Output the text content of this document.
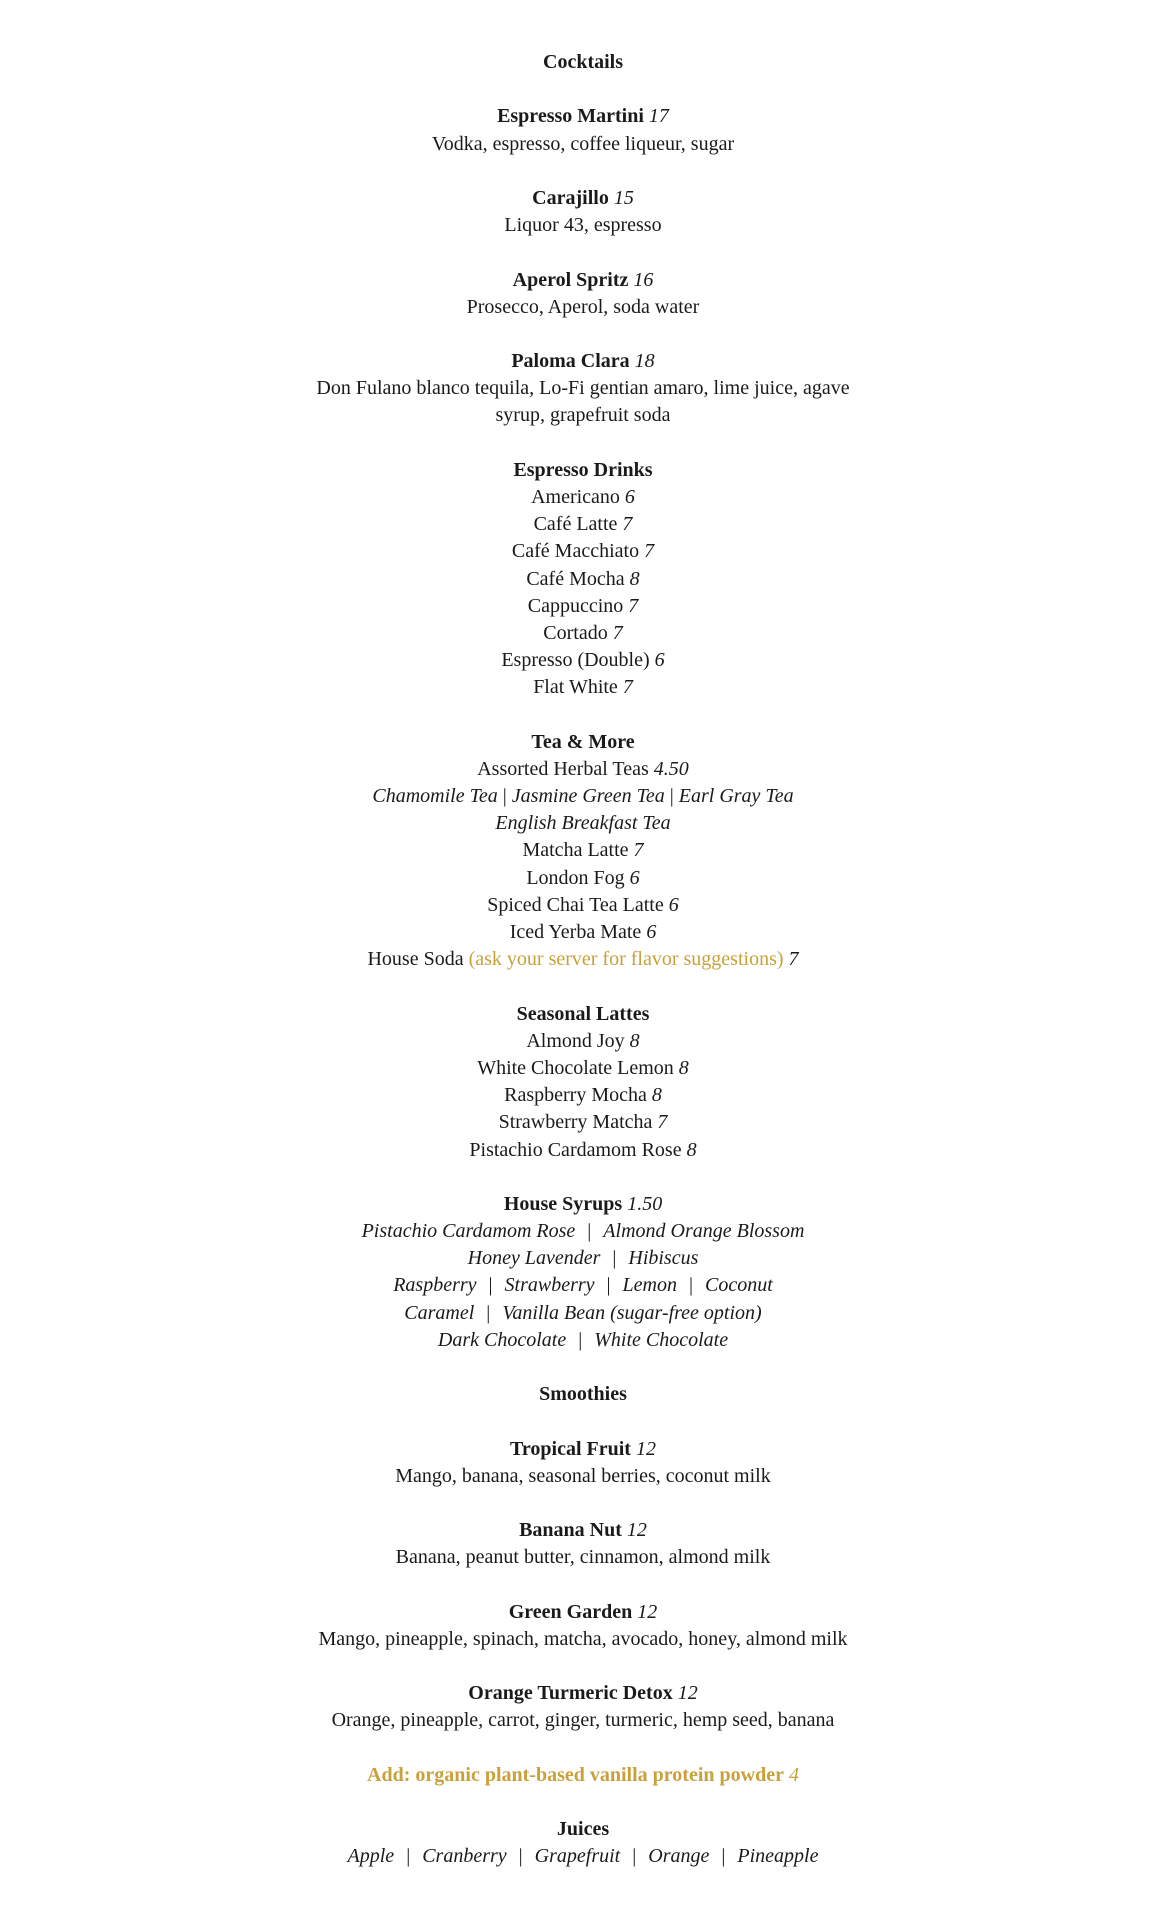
Cocktails
Espresso Martini 17
Vodka, espresso, coffee liqueur, sugar
Carajillo 15
Liquor 43, espresso
Aperol Spritz 16
Prosecco, Aperol, soda water
Paloma Clara 18
Don Fulano blanco tequila, Lo-Fi gentian amaro, lime juice, agave
syrup, grapefruit soda
Espresso Drinks
Americano 6
Café Latte 7
Café Macchiato 7
Café Mocha 8
Cappuccino 7
Cortado 7
Espresso (Double) 6
Flat White 7
Tea & More
Assorted Herbal Teas 4.50
Chamomile Tea | Jasmine Green Tea | Earl Gray Tea
English Breakfast Tea
Matcha Latte 7
London Fog 6
Spiced Chai Tea Latte 6
Iced Yerba Mate 6
House Soda (ask your server for flavor suggestions) 7
Seasonal Lattes
Almond Joy 8
White Chocolate Lemon 8
Raspberry Mocha 8
Strawberry Matcha 7
Pistachio Cardamom Rose 8
House Syrups 1.50
Pistachio Cardamom Rose | Almond Orange Blossom
Honey Lavender | Hibiscus
Raspberry | Strawberry | Lemon | Coconut
Caramel | Vanilla Bean (sugar-free option)
Dark Chocolate | White Chocolate
Smoothies
Tropical Fruit 12
Mango, banana, seasonal berries, coconut milk
Banana Nut 12
Banana, peanut butter, cinnamon, almond milk
Green Garden 12
Mango, pineapple, spinach, matcha, avocado, honey, almond milk
Orange Turmeric Detox 12
Orange, pineapple, carrot, ginger, turmeric, hemp seed, banana
Add: organic plant-based vanilla protein powder 4
Juices
Apple | Cranberry | Grapefruit | Orange | Pineapple
